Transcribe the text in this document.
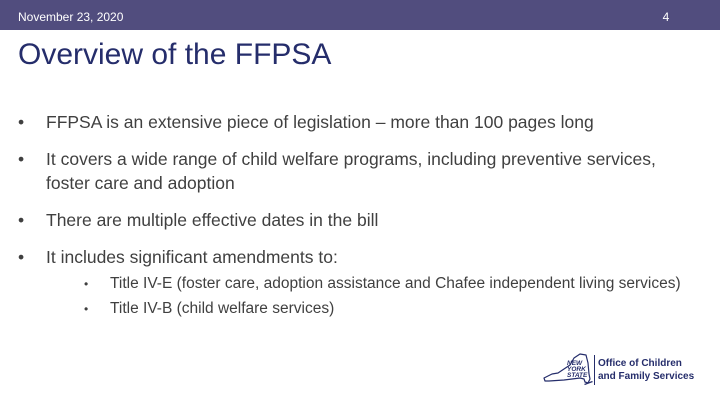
November 23, 2020	4
Overview of the FFPSA
• FFPSA is an extensive piece of legislation – more than 100 pages long
• It covers a wide range of child welfare programs, including preventive services, foster care and adoption
• There are multiple effective dates in the bill
• It includes significant amendments to:
• Title IV-E (foster care, adoption assistance and Chafee independent living services)
• Title IV-B (child welfare services)
NEW
YORK
STATE
Office of Children
and Family Services
